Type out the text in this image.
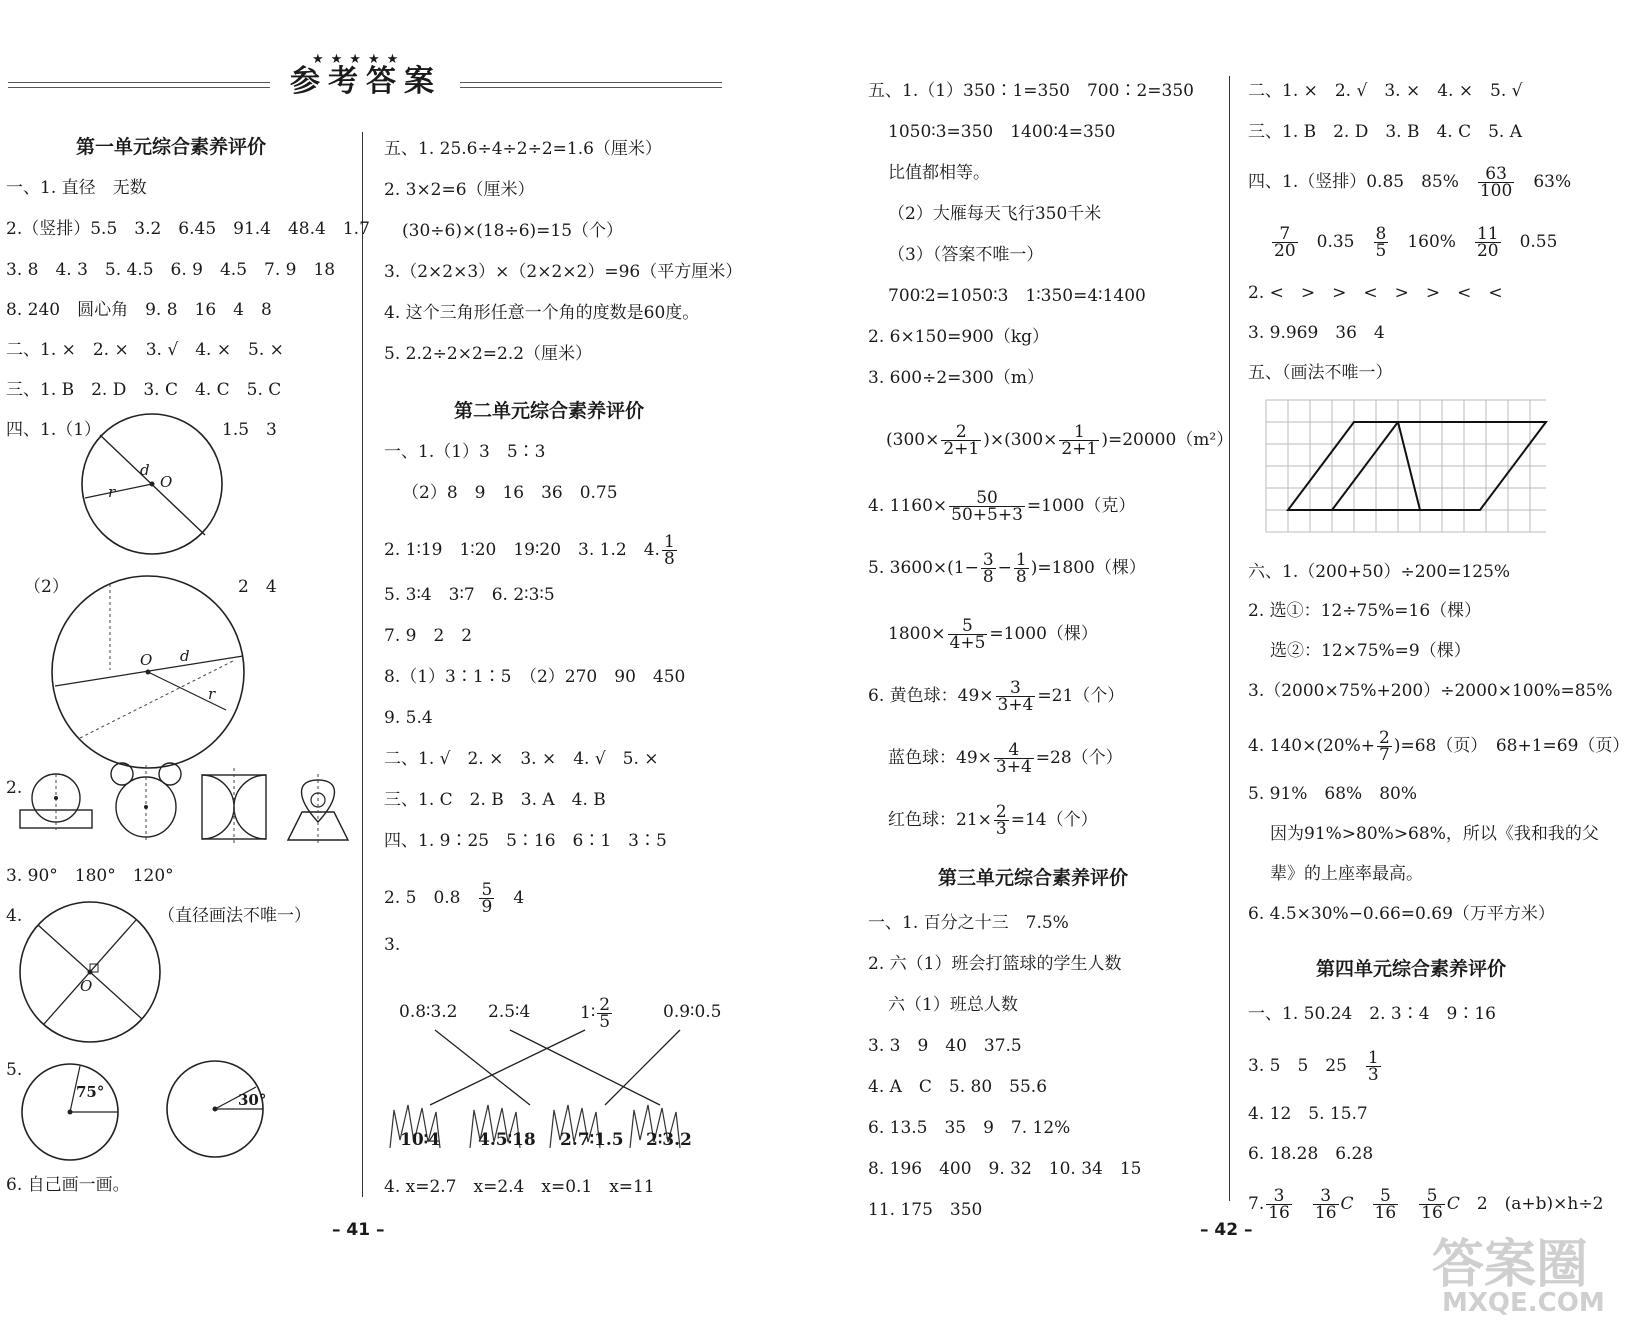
★★★★★
参考答案
第一单元综合素养评价
一、1. 直径　无数
2.（竖排）5.5　3.2　6.45　91.4　48.4　1.7
3. 8　4. 3　5. 4.5　6. 9　4.5　7. 9　18
8. 240　圆心角　9. 8　16　4　8
二、1. ×　2. ×　3. √　4. ×　5. ×
三、1. B　2. D　3. C　4. C　5. C
四、1.（1）	1.5　3
d
O
r
（2）	2　4
O d
r
2.
3. 90°　180°　120°
4.	（直径画法不唯一）
O
5.
75°	30°
6. 自己画一画。
五、1. 25.6÷4÷2÷2=1.6（厘米）
2. 3×2=6（厘米）
(30÷6)×(18÷6)=15（个）
3.（2×2×3）×（2×2×2）=96（平方厘米）
4. 这个三角形任意一个角的度数是60度。
5. 2.2÷2×2=2.2（厘米）
第二单元综合素养评价
一、1.（1）3　5∶3
（2）8　9　16　36　0.75
2. 1∶19　1∶20　19∶20　3. 1.2　4. $\frac{1}{8}$
5. 3∶4　3∶7　6. 2∶3∶5
7. 9　2　2
8.（1）3∶1∶5　（2）270　90　450
9. 5.4
二、1. √　2. ×　3. ×　4. √　5. ×
三、1. C　2. B　3. A　4. B
四、1. 9∶25　5∶16　6∶1　3∶5
2. 5　0.8　 $\frac{5}{9}$
　 4
3.
0.8∶3.2 2.5∶4	1∶ $\frac{2}{5}$	0.9∶0.5
10∶4 4.5∶18 2.7∶1.5 2∶3.2
4. x=2.7　x=2.4　x=0.1　x=11
– 41 –
五、1.（1）350∶1=350　700∶2=350
1050∶3=350　1400∶4=350
比值都相等。
（2）大雁每天飞行350千米
（3）（答案不唯一）
700∶2=1050∶3　1∶350=4∶1400
2. 6×150=900（kg）
3. 600÷2=300（m）
$(300\times \frac{2}{2+1} )\times(300\times \frac{1}{2+1} )=20000(m^2)$
4. $1160\times \frac{50}{50+5+3} =1000$（克）
5. $3600\times(1- \frac{3}{8} - \frac{1}{8} )=1800$（棵）
$1800\times \frac{5}{4+5} =1000$（棵）
6. 黄色球：$49\times \frac{3}{3+4} =21$（个）
蓝色球：$49\times \frac{4}{3+4} =28$（个）
红色球：$21\times \frac{2}{3} =14$（个）
第三单元综合素养评价
一、1. 百分之十三　7.5%
2. 六（1）班会打篮球的学生人数
六（1）班总人数
3. 3　9　40　37.5
4. A　C　5. 80　55.6
6. 13.5　35　9　7. 12%
8. 196　400　9. 32　10. 34　15
11. 175　350
二、1. ×　2. √　3. ×　4. ×　5. √
三、1. B　2. D　3. B　4. C　5. A
四、1.（竖排）0.85　85%　 $\frac{63}{100}$
　 63%
$\frac{7}{20}$
　 0.35　 $\frac{8}{5}$
　 160%　 $\frac{11}{20}$
　 0.55
2. <　>　>　<　>　>　<　<
3. 9.969　36　4
五、（画法不唯一）
六、1.（200+50）÷200=125%
2. 选①：12÷75%=16（棵）
选②：12×75%=9（棵）
3.（2000×75%+200）÷2000×100%=85%
4. $140\times(20\%+ \frac{2}{7} )=68$（页）　68+1=69（页）
5. 91%　68%　80%
因为91%>80%>68%，所以《我和我的父
辈》的上座率最高。
6. 4.5×30%−0.66=0.69（万平方米）
第四单元综合素养评价
一、1. 50.24　2. 3∶4　9∶16
3. 5　5　25　 $\frac{1}{3}$
4. 12　5. 15.7
6. 18.28　6.28
7. $\frac{3}{16}$
　 $\frac{3}{16}$ C　 $\frac{5}{16}$
　 $\frac{5}{16}$ C　 2　(a+b)×h÷2
– 42 –
答案圈
MXQE.COM
